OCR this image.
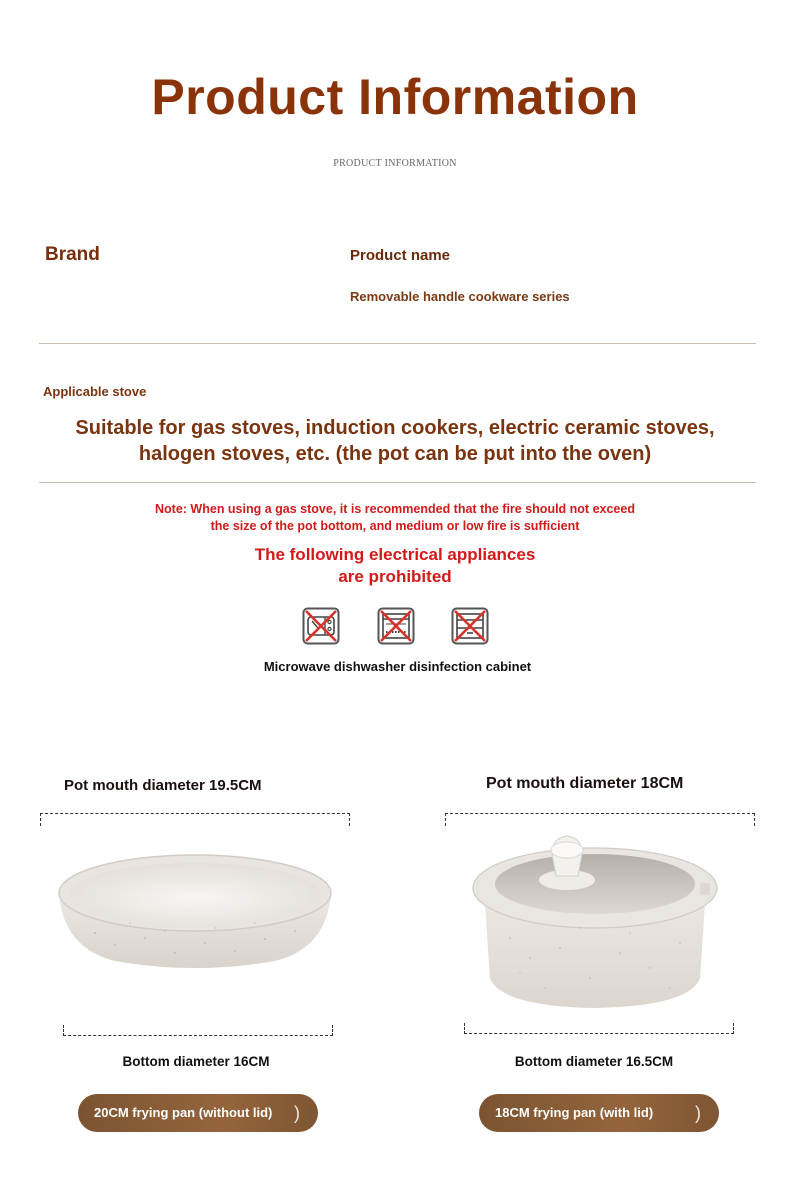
Product Information
PRODUCT INFORMATION
Brand	Product name
Removable handle cookware series
Applicable stove
Suitable for gas stoves, induction cookers, electric ceramic stoves,
halogen stoves, etc. (the pot can be put into the oven)
Note: When using a gas stove, it is recommended that the fire should not exceed
the size of the pot bottom, and medium or low fire is sufficient
The following electrical appliances
are prohibited
Microwave dishwasher disinfection cabinet
Pot mouth diameter 19.5CM
Bottom diameter 16CM
20CM frying pan (without lid) )
Pot mouth diameter 18CM
Bottom diameter 16.5CM
18CM frying pan (with lid) )
